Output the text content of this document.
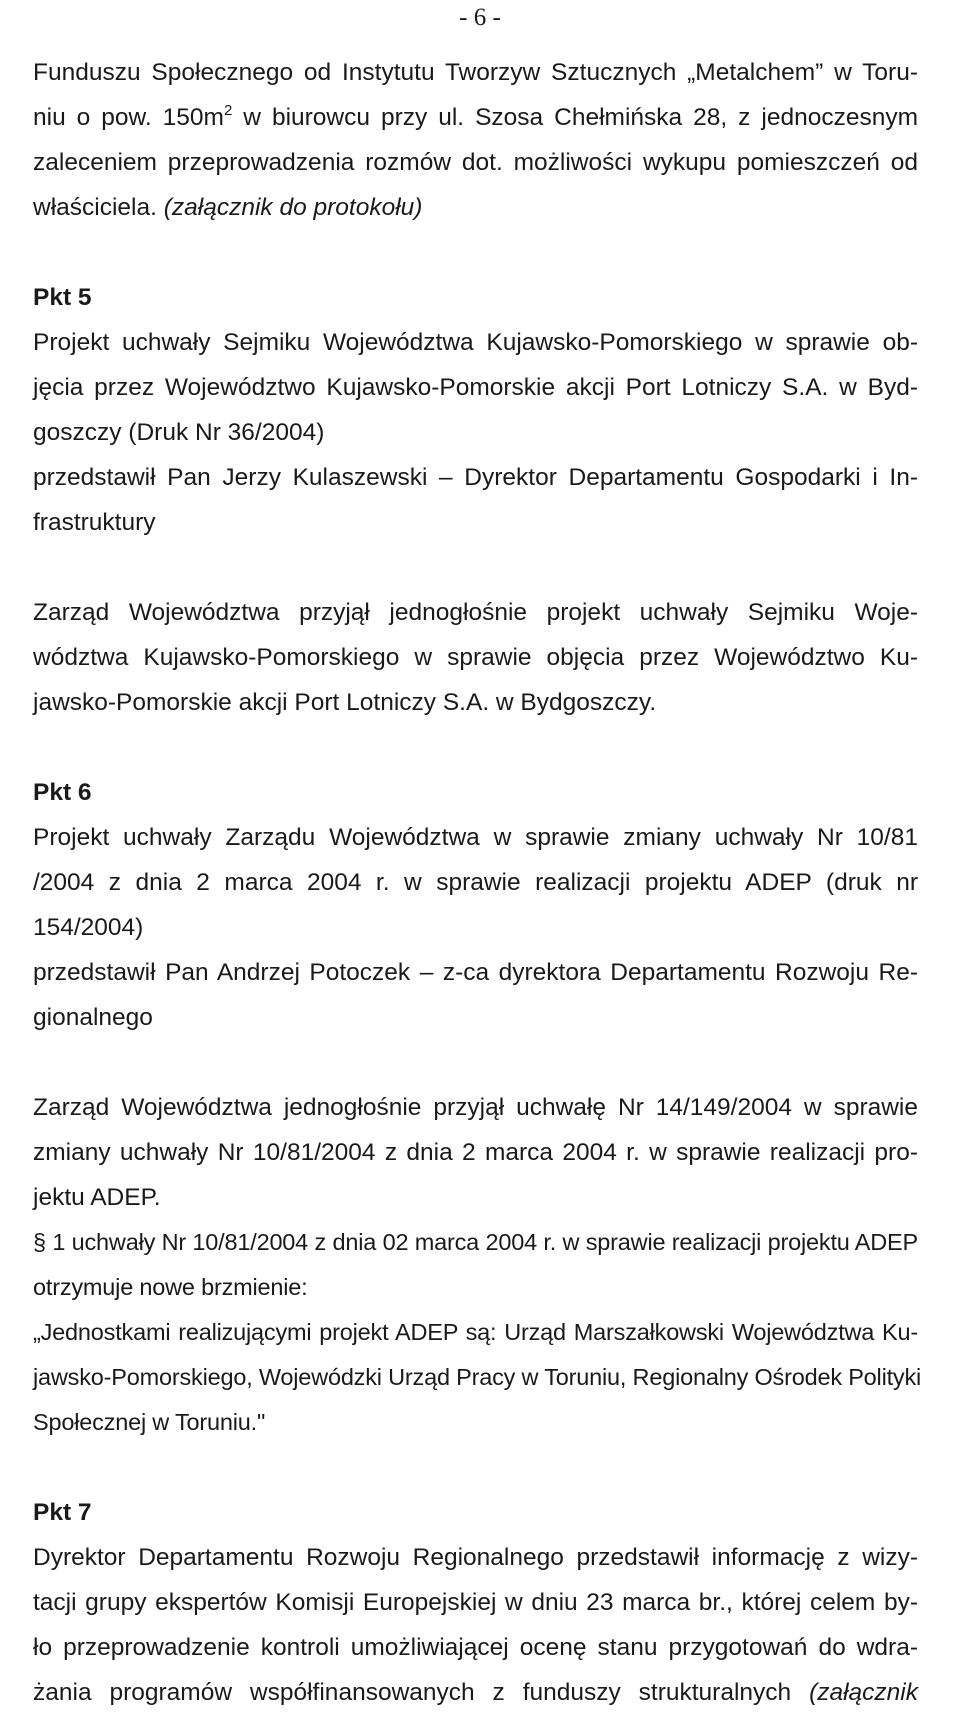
- 6 -
Funduszu Społecznego od Instytutu Tworzyw Sztucznych „Metalchem” w Toru-
niu o pow. $150m^2$ w biurowcu przy ul. Szosa Chełmińska 28, z jednoczesnym
zaleceniem przeprowadzenia rozmów dot. możliwości wykupu pomieszczeń od
właściciela. (załącznik do protokołu)

Pkt 5

Projekt uchwały Sejmiku Województwa Kujawsko-Pomorskiego w sprawie ob-
jęcia przez Województwo Kujawsko-Pomorskie akcji Port Lotniczy S.A. w Byd-
goszczy (Druk Nr 36/2004)
przedstawił Pan Jerzy Kulaszewski – Dyrektor Departamentu Gospodarki i In-
frastruktury
Zarząd Województwa przyjął jednogłośnie projekt uchwały Sejmiku Woje-
wództwa Kujawsko-Pomorskiego w sprawie objęcia przez Województwo Ku-
jawsko-Pomorskie akcji Port Lotniczy S.A. w Bydgoszczy.

Pkt 6

Projekt uchwały Zarządu Województwa w sprawie zmiany uchwały Nr 10/81
/2004 z dnia 2 marca 2004 r. w sprawie realizacji projektu ADEP (druk nr
154/2004)
przedstawił Pan Andrzej Potoczek – z-ca dyrektora Departamentu Rozwoju Re-
gionalnego
Zarząd Województwa jednogłośnie przyjął uchwałę Nr 14/149/2004 w sprawie
zmiany uchwały Nr 10/81/2004 z dnia 2 marca 2004 r. w sprawie realizacji pro-
jektu ADEP.
§ 1 uchwały Nr 10/81/2004 z dnia 02 marca 2004 r. w sprawie realizacji projektu ADEP
otrzymuje nowe brzmienie:
„Jednostkami realizującymi projekt ADEP są: Urząd Marszałkowski Województwa Ku-
jawsko-Pomorskiego, Wojewódzki Urząd Pracy w Toruniu, Regionalny Ośrodek Polityki
Społecznej w Toruniu."

Pkt 7

Dyrektor Departamentu Rozwoju Regionalnego przedstawił informację z wizy-
tacji grupy ekspertów Komisji Europejskiej w dniu 23 marca br., której celem by-
ło przeprowadzenie kontroli umożliwiającej ocenę stanu przygotowań do wdra-
żania programów współfinansowanych z funduszy strukturalnych (załącznik
